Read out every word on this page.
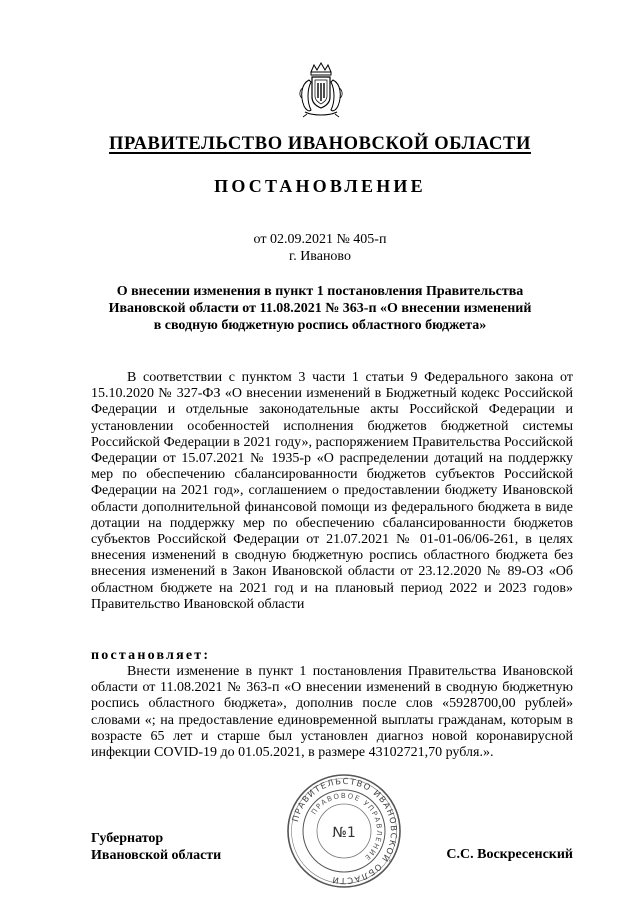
ПРАВИТЕЛЬСТВО ИВАНОВСКОЙ ОБЛАСТИ
ПОСТАНОВЛЕНИЕ
от 02.09.2021 № 405-п
г. Иваново
О внесении изменения в пункт 1 постановления Правительства
Ивановской области от 11.08.2021 № 363-п «О внесении изменений
в сводную бюджетную роспись областного бюджета»
В соответствии с пунктом 3 части 1 статьи 9 Федерального закона от 15.10.2020 № 327-ФЗ «О внесении изменений в Бюджетный кодекс Российской Федерации и отдельные законодательные акты Российской Федерации и установлении особенностей исполнения бюджетов бюджетной системы Российской Федерации в 2021 году», распоряжением Правительства Российской Федерации от 15.07.2021 № 1935-р «О распределении дотаций на поддержку мер по обеспечению сбалансированности бюджетов субъектов Российской Федерации на 2021 год», соглашением о предоставлении бюджету Ивановской области дополнительной финансовой помощи из федерального бюджета в виде дотации на поддержку мер по обеспечению сбалансированности бюджетов субъектов Российской Федерации от 21.07.2021 № 01-01-06/06-261, в целях внесения изменений в сводную бюджетную роспись областного бюджета без внесения изменений в Закон Ивановской области от 23.12.2020 № 89-ОЗ «Об областном бюджете на 2021 год и на плановый период 2022 и 2023 годов» Правительство Ивановской области
постановляет:
Внести изменение в пункт 1 постановления Правительства Ивановской области от 11.08.2021 № 363-п «О внесении изменений в сводную бюджетную роспись областного бюджета», дополнив после слов «5928700,00 рублей» словами «; на предоставление единовременной выплаты гражданам, которым в возрасте 65 лет и старше был установлен диагноз новой коронавирусной инфекции COVID-19 до 01.05.2021, в размере 43102721,70 рубля.».
ПРАВИТЕЛЬСТВО ИВАНОВСКОЙ ОБЛАСТИ
ПРАВОВОЕ УПРАВЛЕНИЕ
№1
Губернатор
Ивановской области	С.С. Воскресенский
